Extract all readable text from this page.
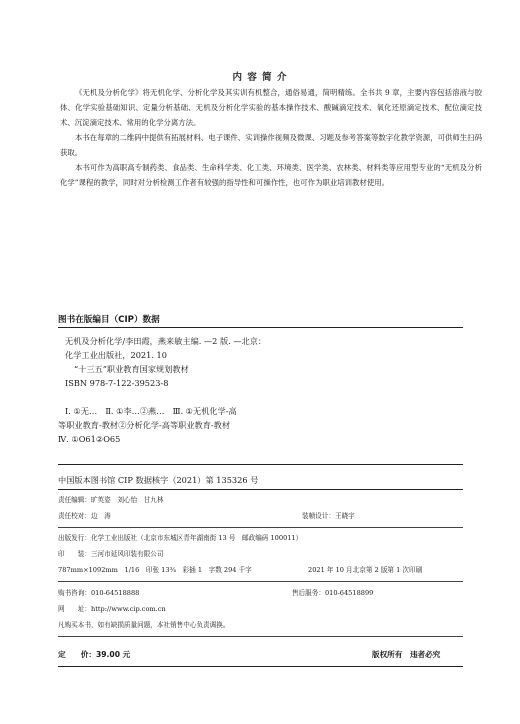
内 容 简 介

《无机及分析化学》将无机化学、分析化学及其实训有机整合，通俗易通，简明精练。全书共 9 章，主要内容包括溶液与胶体、化学实验基础知识、定量分析基础、无机及分析化学实验的基本操作技术、酸碱滴定技术、氧化还原滴定技术、配位滴定技术、沉淀滴定技术、常用的化学分离方法。

本书在每章的二维码中提供有拓展材料、电子课件、实训操作视频及微课、习题及参考答案等数字化教学资源，可供师生扫码获取。

本书可作为高职高专制药类、食品类、生命科学类、化工类、环境类、医学类、农林类、材料类等应用型专业的“无机及分析化学”课程的教学，同时对分析检测工作者有较强的指导性和可操作性，也可作为职业培训教材使用。

图书在版编目（CIP）数据
无机及分析化学/李田霞，燕来敏主编. —2 版. —北京：
化学工业出版社，2021. 10
“十三五”职业教育国家规划教材
ISBN 978-7-122-39523-8
Ⅰ. ①无…　Ⅱ. ①李…②燕…　Ⅲ. ①无机化学-高
等职业教育-教材②分析化学-高等职业教育-教材
Ⅳ. ①O61②O65
中国版本图书馆 CIP 数据核字（2021）第 135326 号
责任编辑：旷英姿　刘心怡　甘九林
责任校对：边　涛	装帧设计：王晓宇
出版发行：化学工业出版社（北京市东城区青年湖南街 13 号　邮政编码 100011）
印　　装：三河市延风印装有限公司
787mm×1092mm　1/16　印张 13¾　彩插 1　字数 294 千字	2021 年 10 月北京第 2 版第 1 次印刷
购书咨询：010-64518888	售后服务：010-64518899
网　　址：http://www.cip.com.cn
凡购买本书，如有缺损质量问题，本社销售中心负责调换。
定　　价：39.00 元	版权所有　违者必究
